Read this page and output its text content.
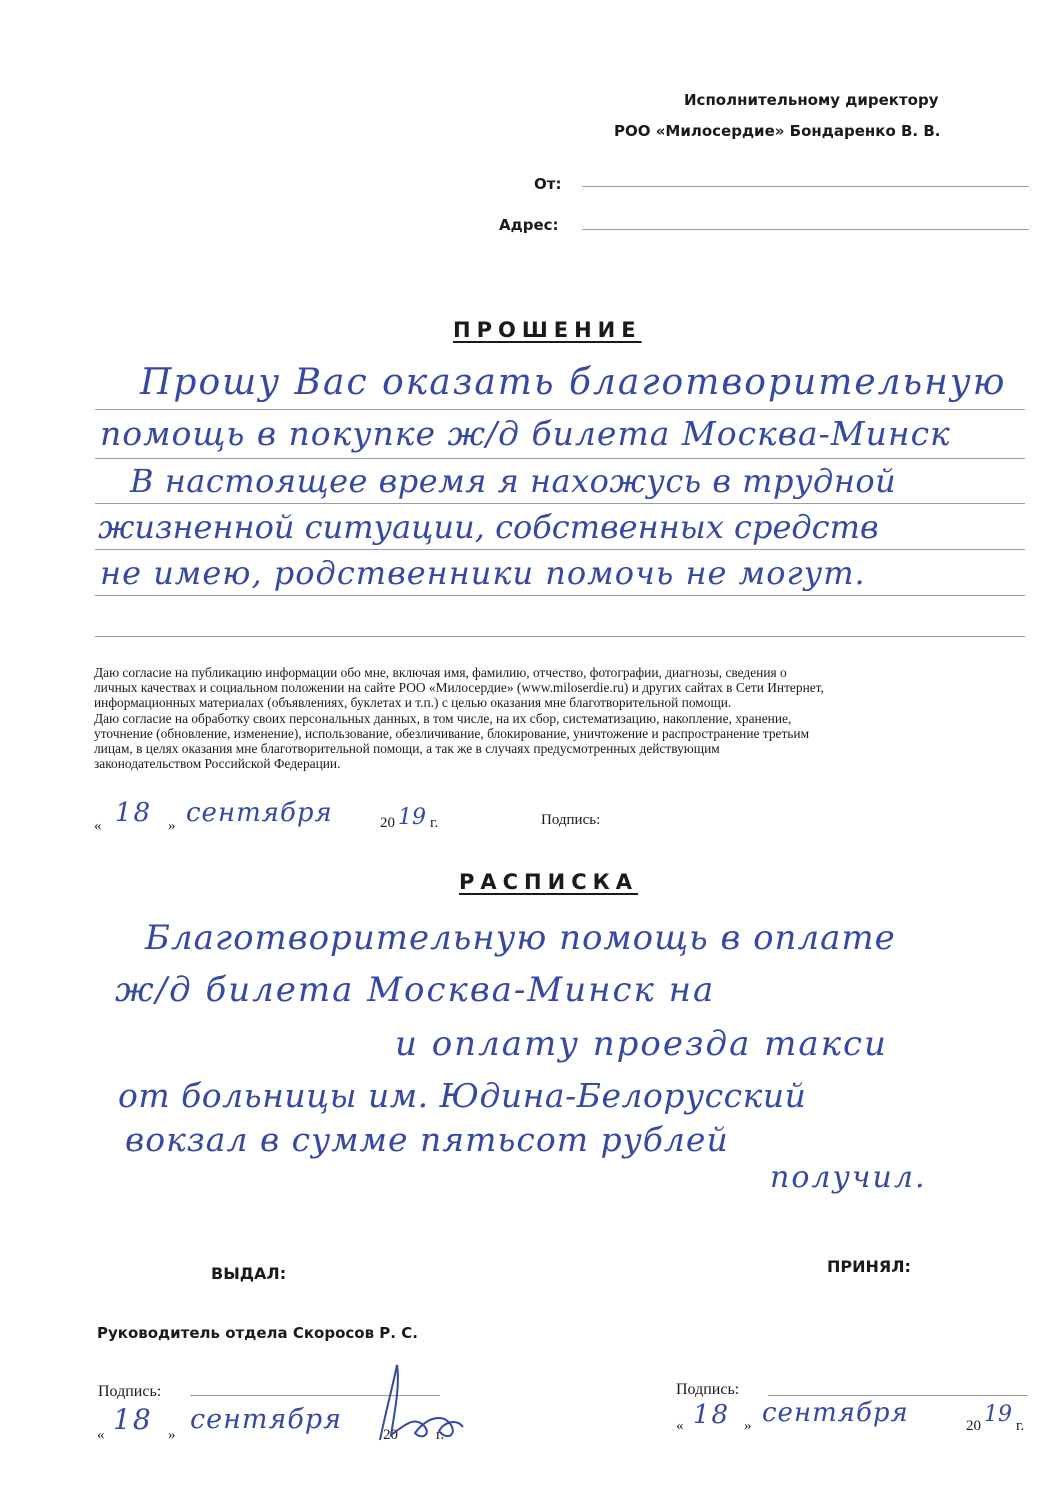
Исполнительному директору
РОО «Милосердие» Бондаренко В. В.
От:
Адрес:
ПРОШЕНИЕ
Прошу Вас оказать благотворительную
помощь в покупке ж/д билета Москва-Минск
В настоящее время я нахожусь в трудной
жизненной ситуации, собственных средств
не имею, родственники помочь не могут.
Даю согласие на публикацию информации обо мне, включая имя, фамилию, отчество, фотографии, диагнозы, сведения о
личных качествах и социальном положении на сайте РОО «Милосердие» (www.miloserdie.ru) и других сайтах в Сети Интернет,
информационных материалах (объявлениях, буклетах и т.п.) с целью оказания мне благотворительной помощи.
Даю согласие на обработку своих персональных данных, в том числе, на их сбор, систематизацию, накопление, хранение,
уточнение (обновление, изменение), использование, обезличивание, блокирование, уничтожение и распространение третьим
лицам, в целях оказания мне благотворительной помощи, а так же в случаях предусмотренных действующим
законодательством Российской Федерации.
« 18 » сентября	20 19 г.	Подпись:
РАСПИСКА
Благотворительную помощь в оплате
ж/д билета Москва-Минск на
и оплату проезда такси
от больницы им. Юдина-Белорусский
вокзал в сумме пятьсот рублей
получил.
ВЫДАЛ:	ПРИНЯЛ:
Руководитель отдела Скоросов Р. С.
Подпись:
« 18 » сентября	20	г.
Подпись:
« 18 » сентября	20 19 г.
